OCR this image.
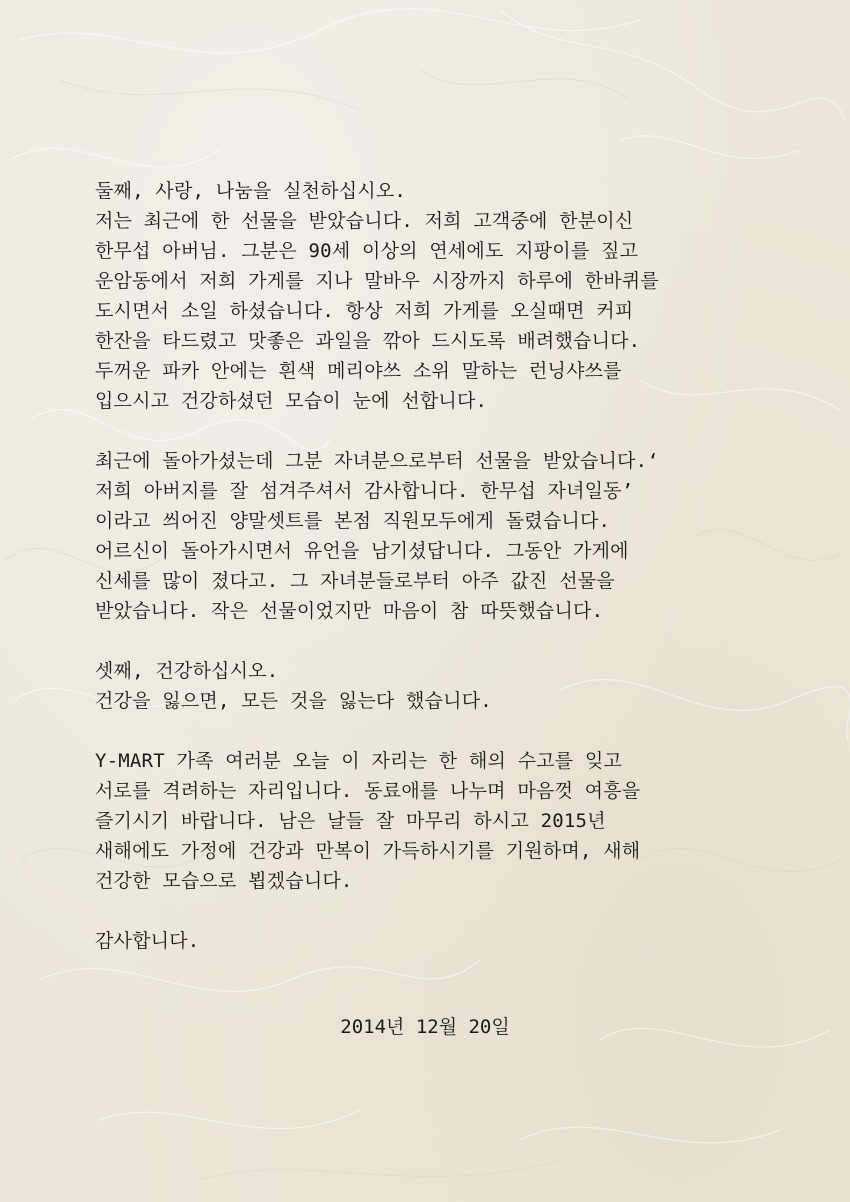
둘째, 사랑, 나눔을 실천하십시오.
저는 최근에 한 선물을 받았습니다. 저희 고객중에 한분이신
한무섭 아버님. 그분은 90세 이상의 연세에도 지팡이를 짚고
운암동에서 저희 가게를 지나 말바우 시장까지 하루에 한바퀴를
도시면서 소일 하셨습니다. 항상 저희 가게를 오실때면 커피
한잔을 타드렸고 맛좋은 과일을 깎아 드시도록 배려했습니다.
두꺼운 파카 안에는 흰색 메리야쓰 소위 말하는 런닝샤쓰를
입으시고 건강하셨던 모습이 눈에 선합니다.
최근에 돌아가셨는데 그분 자녀분으로부터 선물을 받았습니다.‘
저희 아버지를 잘 섬겨주셔서 감사합니다. 한무섭 자녀일동’
이라고 씌어진 양말셋트를 본점 직원모두에게 돌렸습니다.
어르신이 돌아가시면서 유언을 남기셨답니다. 그동안 가게에
신세를 많이 졌다고. 그 자녀분들로부터 아주 값진 선물을
받았습니다. 작은 선물이었지만 마음이 참 따뜻했습니다.
셋째, 건강하십시오.
건강을 잃으면, 모든 것을 잃는다 했습니다.
Y-MART 가족 여러분 오늘 이 자리는 한 해의 수고를 잊고
서로를 격려하는 자리입니다. 동료애를 나누며 마음껏 여흥을
즐기시기 바랍니다. 남은 날들 잘 마무리 하시고 2015년
새해에도 가정에 건강과 만복이 가득하시기를 기원하며, 새해
건강한 모습으로 뵙겠습니다.
감사합니다.
2014년 12월 20일
